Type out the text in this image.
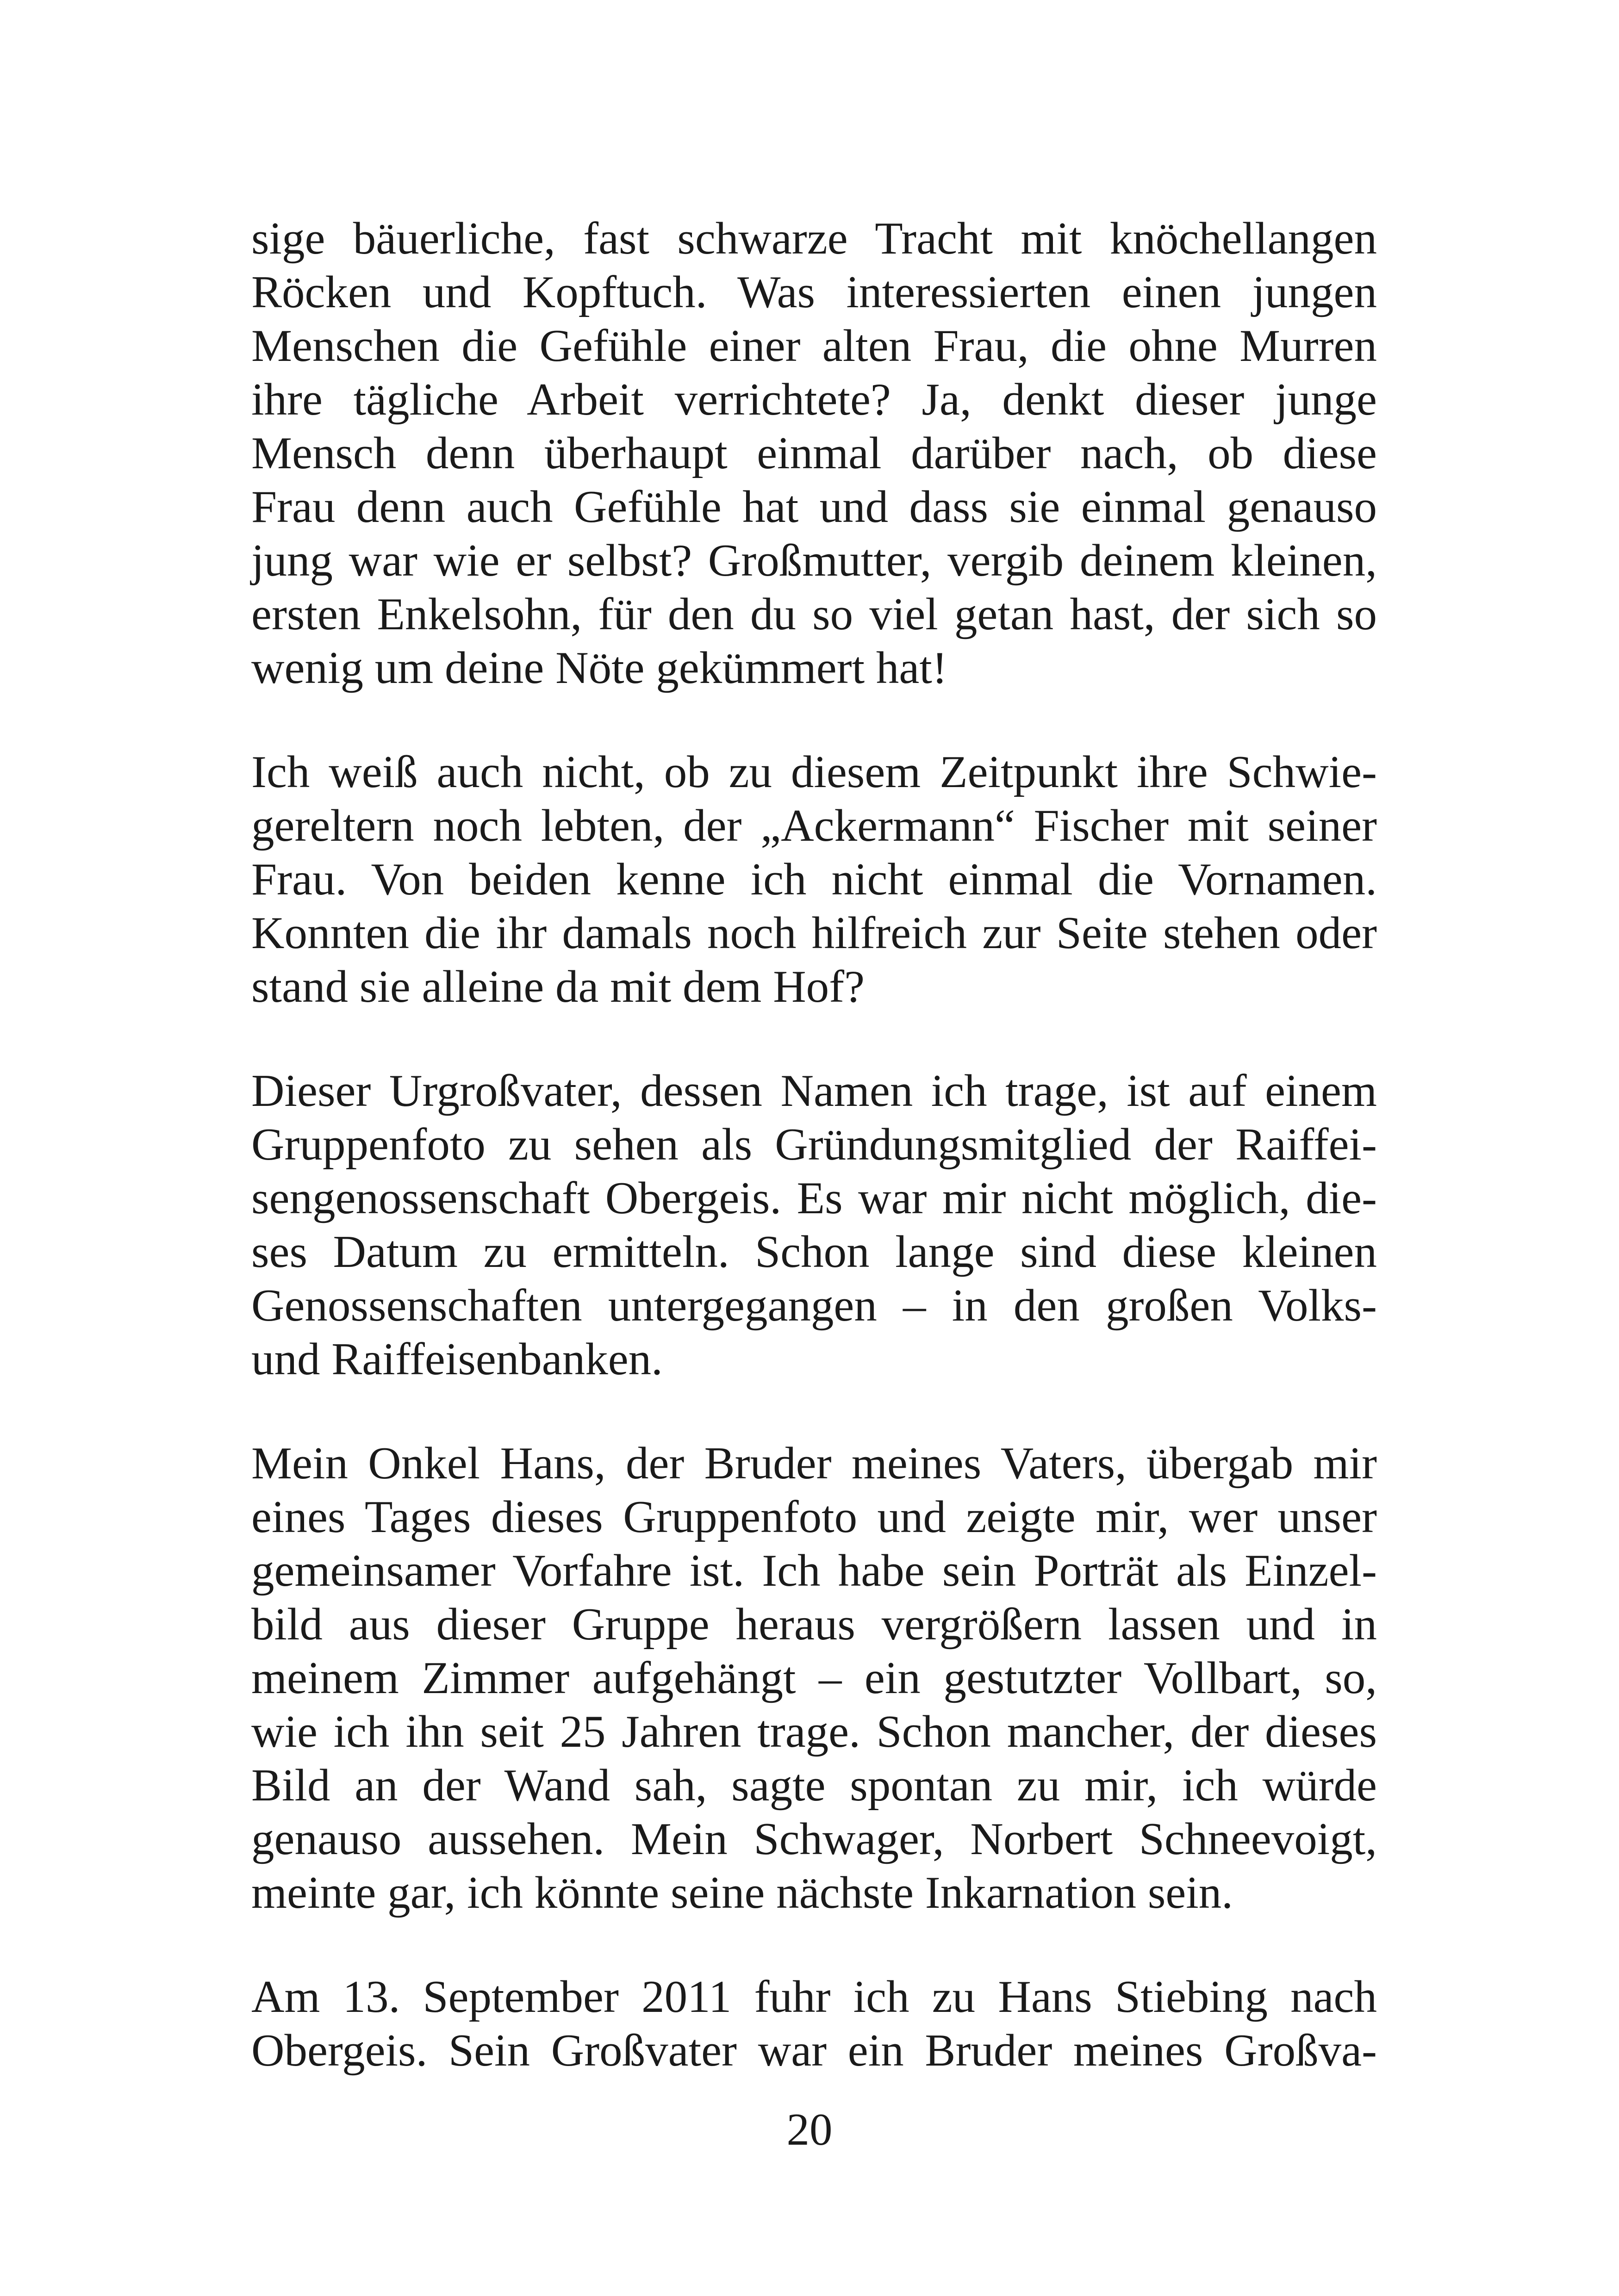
sige bäuerliche, fast schwarze Tracht mit knöchellangen
Röcken und Kopftuch. Was interessierten einen jungen
Menschen die Gefühle einer alten Frau, die ohne Murren
ihre tägliche Arbeit verrichtete? Ja, denkt dieser junge
Mensch denn überhaupt einmal darüber nach, ob diese
Frau denn auch Gefühle hat und dass sie einmal genauso
jung war wie er selbst? Großmutter, vergib deinem kleinen,
ersten Enkelsohn, für den du so viel getan hast, der sich so
wenig um deine Nöte gekümmert hat!

Ich weiß auch nicht, ob zu diesem Zeitpunkt ihre Schwie-
gereltern noch lebten, der „Ackermann“ Fischer mit seiner
Frau. Von beiden kenne ich nicht einmal die Vornamen.
Konnten die ihr damals noch hilfreich zur Seite stehen oder
stand sie alleine da mit dem Hof?

Dieser Urgroßvater, dessen Namen ich trage, ist auf einem
Gruppenfoto zu sehen als Gründungsmitglied der Raiffei-
sengenossenschaft Obergeis. Es war mir nicht möglich, die-
ses Datum zu ermitteln. Schon lange sind diese kleinen
Genossenschaften untergegangen – in den großen Volks-
und Raiffeisenbanken.

Mein Onkel Hans, der Bruder meines Vaters, übergab mir
eines Tages dieses Gruppenfoto und zeigte mir, wer unser
gemeinsamer Vorfahre ist. Ich habe sein Porträt als Einzel-
bild aus dieser Gruppe heraus vergrößern lassen und in
meinem Zimmer aufgehängt – ein gestutzter Vollbart, so,
wie ich ihn seit 25 Jahren trage. Schon mancher, der dieses
Bild an der Wand sah, sagte spontan zu mir, ich würde
genauso aussehen. Mein Schwager, Norbert Schneevoigt,
meinte gar, ich könnte seine nächste Inkarnation sein.

Am 13. September 2011 fuhr ich zu Hans Stiebing nach
Obergeis. Sein Großvater war ein Bruder meines Großva-

20
